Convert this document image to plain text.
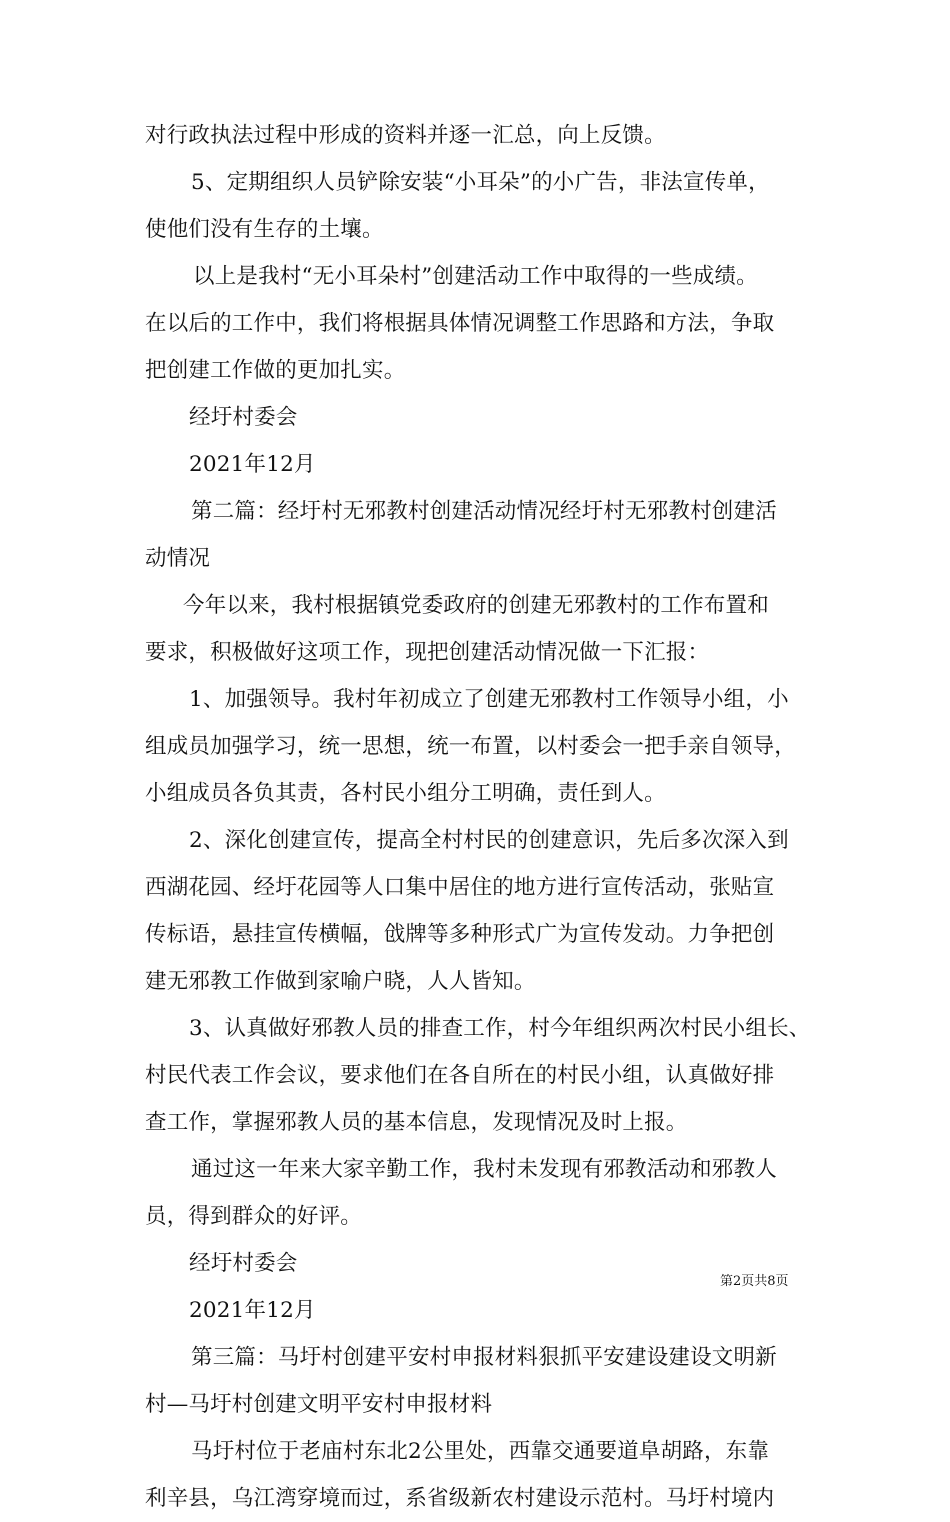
对行政执法过程中形成的资料并逐一汇总，向上反馈。
5、定期组织人员铲除安装“小耳朵”的小广告，非法宣传单，
使他们没有生存的土壤。
以上是我村“无小耳朵村”创建活动工作中取得的一些成绩。
在以后的工作中，我们将根据具体情况调整工作思路和方法，争取
把创建工作做的更加扎实。
经圩村委会
2021年12月
第二篇：经圩村无邪教村创建活动情况经圩村无邪教村创建活
动情况
今年以来，我村根据镇党委政府的创建无邪教村的工作布置和
要求，积极做好这项工作，现把创建活动情况做一下汇报：
1、加强领导。我村年初成立了创建无邪教村工作领导小组，小
组成员加强学习，统一思想，统一布置，以村委会一把手亲自领导，
小组成员各负其责，各村民小组分工明确，责任到人。
2、深化创建宣传，提高全村村民的创建意识，先后多次深入到
西湖花园、经圩花园等人口集中居住的地方进行宣传活动，张贴宣
传标语，悬挂宣传横幅，戗牌等多种形式广为宣传发动。力争把创
建无邪教工作做到家喻户晓，人人皆知。
3、认真做好邪教人员的排查工作，村今年组织两次村民小组长、
村民代表工作会议，要求他们在各自所在的村民小组，认真做好排
查工作，掌握邪教人员的基本信息，发现情况及时上报。
通过这一年来大家辛勤工作，我村未发现有邪教活动和邪教人
员，得到群众的好评。
经圩村委会
2021年12月
第三篇：马圩村创建平安村申报材料狠抓平安建设建设文明新
村—马圩村创建文明平安村申报材料
马圩村位于老庙村东北2公里处，西靠交通要道阜胡路，东靠
利辛县，乌江湾穿境而过，系省级新农村建设示范村。马圩村境内
第2页共8页
